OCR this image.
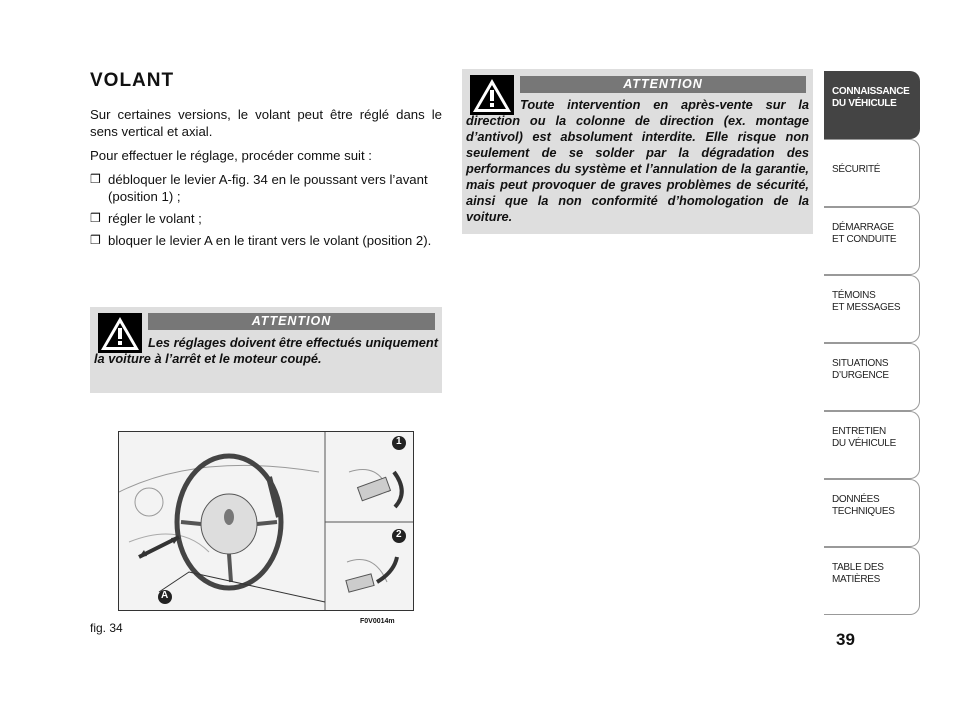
VOLANT

Sur certaines versions, le volant peut être réglé dans le sens vertical et axial.

Pour effectuer le réglage, procéder comme suit :

❒ débloquer le levier A-fig. 34 en le poussant vers l’avant (position 1) ;
❒ régler le volant ;
❒ bloquer le levier A en le tirant vers le volant (position 2).
ATTENTION
Toute intervention en après-vente sur la direction ou la colonne de direction (ex. montage d’antivol) est absolument interdite. Elle risque non seulement de se solder par la dégradation des performances du système et l’annulation de la garantie, mais peut provoquer de graves problèmes de sécurité, ainsi que la non conformité d’homologation de la voiture.
ATTENTION
Les réglages doivent être effectués uniquement la voiture à l’arrêt et le moteur coupé.
1
2
A
fig. 34	F0V0014m
CONNAISSANCE
DU VÉHICULE
SÉCURITÉ
DÉMARRAGE
ET CONDUITE
TÉMOINS
ET MESSAGES
SITUATIONS
D’URGENCE
ENTRETIEN
DU VÉHICULE
DONNÉES
TECHNIQUES
TABLE DES
MATIÈRES
39
